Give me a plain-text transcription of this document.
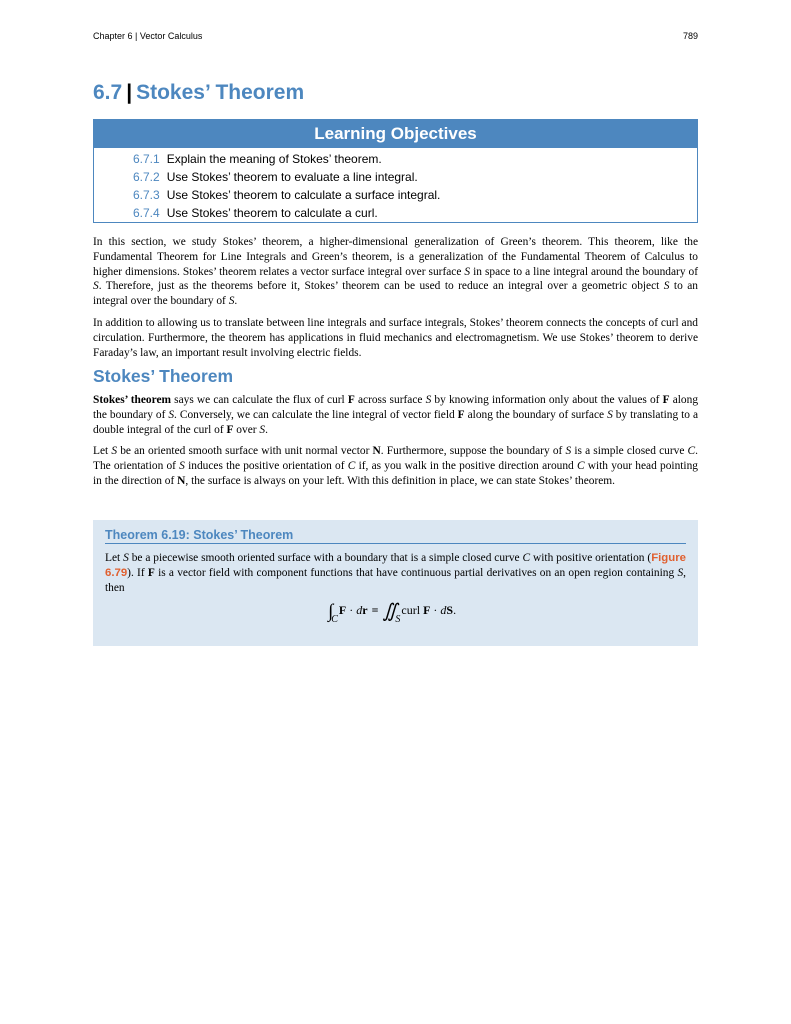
Chapter 6 | Vector Calculus	789
6.7 | Stokes’ Theorem
Learning Objectives
6.7.1 Explain the meaning of Stokes’ theorem.
6.7.2 Use Stokes’ theorem to evaluate a line integral.
6.7.3 Use Stokes’ theorem to calculate a surface integral.
6.7.4 Use Stokes’ theorem to calculate a curl.

In this section, we study Stokes’ theorem, a higher-dimensional generalization of Green’s theorem. This theorem, like the Fundamental Theorem for Line Integrals and Green’s theorem, is a generalization of the Fundamental Theorem of Calculus to higher dimensions. Stokes’ theorem relates a vector surface integral over surface S in space to a line integral around the boundary of S. Therefore, just as the theorems before it, Stokes’ theorem can be used to reduce an integral over a geometric object S to an integral over the boundary of S.

In addition to allowing us to translate between line integrals and surface integrals, Stokes’ theorem connects the concepts of curl and circulation. Furthermore, the theorem has applications in fluid mechanics and electromagnetism. We use Stokes’ theorem to derive Faraday’s law, an important result involving electric fields.

Stokes’ Theorem

Stokes’ theorem says we can calculate the flux of curl F across surface S by knowing information only about the values of F along the boundary of S. Conversely, we can calculate the line integral of vector field F along the boundary of surface S by translating to a double integral of the curl of F over S.

Let S be an oriented smooth surface with unit normal vector N. Furthermore, suppose the boundary of S is a simple closed curve C. The orientation of S induces the positive orientation of C if, as you walk in the positive direction around C with your head pointing in the direction of N, the surface is always on your left. With this definition in place, we can state Stokes’ theorem.

Theorem 6.19: Stokes’ Theorem

Let S be a piecewise smooth oriented surface with a boundary that is a simple closed curve C with positive orientation (Figure 6.79). If F is a vector field with component functions that have continuous partial derivatives on an open region containing S, then

$\int_CF$ · dr = $∬_Scurl$ F · dS.
